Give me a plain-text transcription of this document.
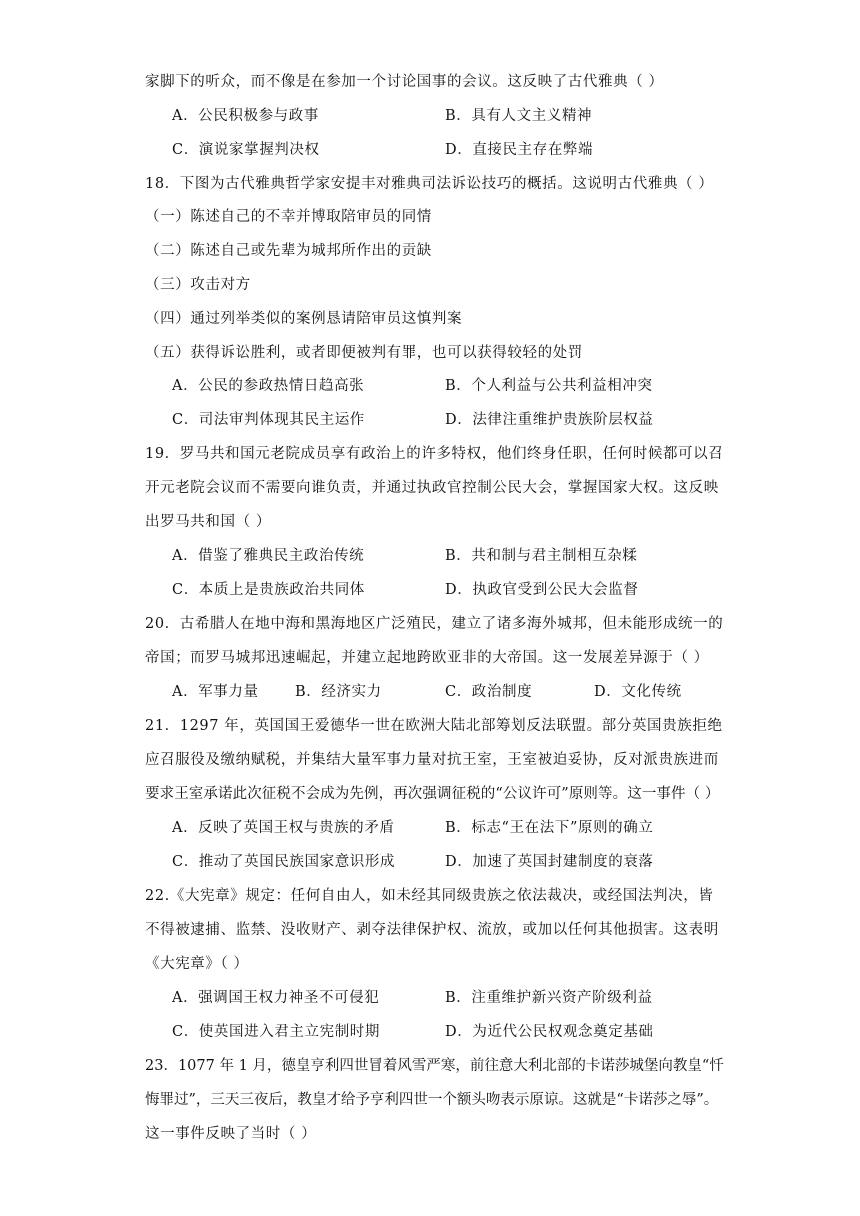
家脚下的听众，而不像是在参加一个讨论国事的会议。这反映了古代雅典（ ）
A．公民积极参与政事	B．具有人文主义精神
C．演说家掌握判决权	D．直接民主存在弊端
18．下图为古代雅典哲学家安提丰对雅典司法诉讼技巧的概括。这说明古代雅典（ ）
（一）陈述自己的不幸并博取陪审员的同情
（二）陈述自己或先辈为城邦所作出的贡缺
（三）攻击对方
（四）通过列举类似的案例恳请陪审员这慎判案
（五）获得诉讼胜利，或者即便被判有罪，也可以获得较轻的处罚
A．公民的参政热情日趋高张	B．个人利益与公共利益相冲突
C．司法审判体现其民主运作	D．法律注重维护贵族阶层权益
19．罗马共和国元老院成员享有政治上的许多特权，他们终身任职，任何时候都可以召
开元老院会议而不需要向谁负责，并通过执政官控制公民大会，掌握国家大权。这反映
出罗马共和国（ ）
A．借鉴了雅典民主政治传统	B．共和制与君主制相互杂糅
C．本质上是贵族政治共同体	D．执政官受到公民大会监督
20．古希腊人在地中海和黑海地区广泛殖民，建立了诸多海外城邦，但未能形成统一的
帝国；而罗马城邦迅速崛起，并建立起地跨欧亚非的大帝国。这一发展差异源于（ ）
A．军事力量	B．经济实力	C．政治制度	D．文化传统
21．1297 年，英国国王爱德华一世在欧洲大陆北部筹划反法联盟。部分英国贵族拒绝
应召服役及缴纳赋税，并集结大量军事力量对抗王室，王室被迫妥协，反对派贵族进而
要求王室承诺此次征税不会成为先例，再次强调征税的“公议许可”原则等。这一事件（ ）
A．反映了英国王权与贵族的矛盾	B．标志“王在法下”原则的确立
C．推动了英国民族国家意识形成	D．加速了英国封建制度的衰落
22.《大宪章》规定：任何自由人，如未经其同级贵族之依法裁决，或经国法判决，皆
不得被逮捕、监禁、没收财产、剥夺法律保护权、流放，或加以任何其他损害。这表明
《大宪章》（ ）
A．强调国王权力神圣不可侵犯	B．注重维护新兴资产阶级利益
C．使英国进入君主立宪制时期	D．为近代公民权观念奠定基础
23．1077 年 1 月，德皇亨利四世冒着风雪严寒，前往意大利北部的卡诺莎城堡向教皇“忏
悔罪过”，三天三夜后，教皇才给予亨利四世一个额头吻表示原谅。这就是“卡诺莎之辱”。
这一事件反映了当时（ ）
